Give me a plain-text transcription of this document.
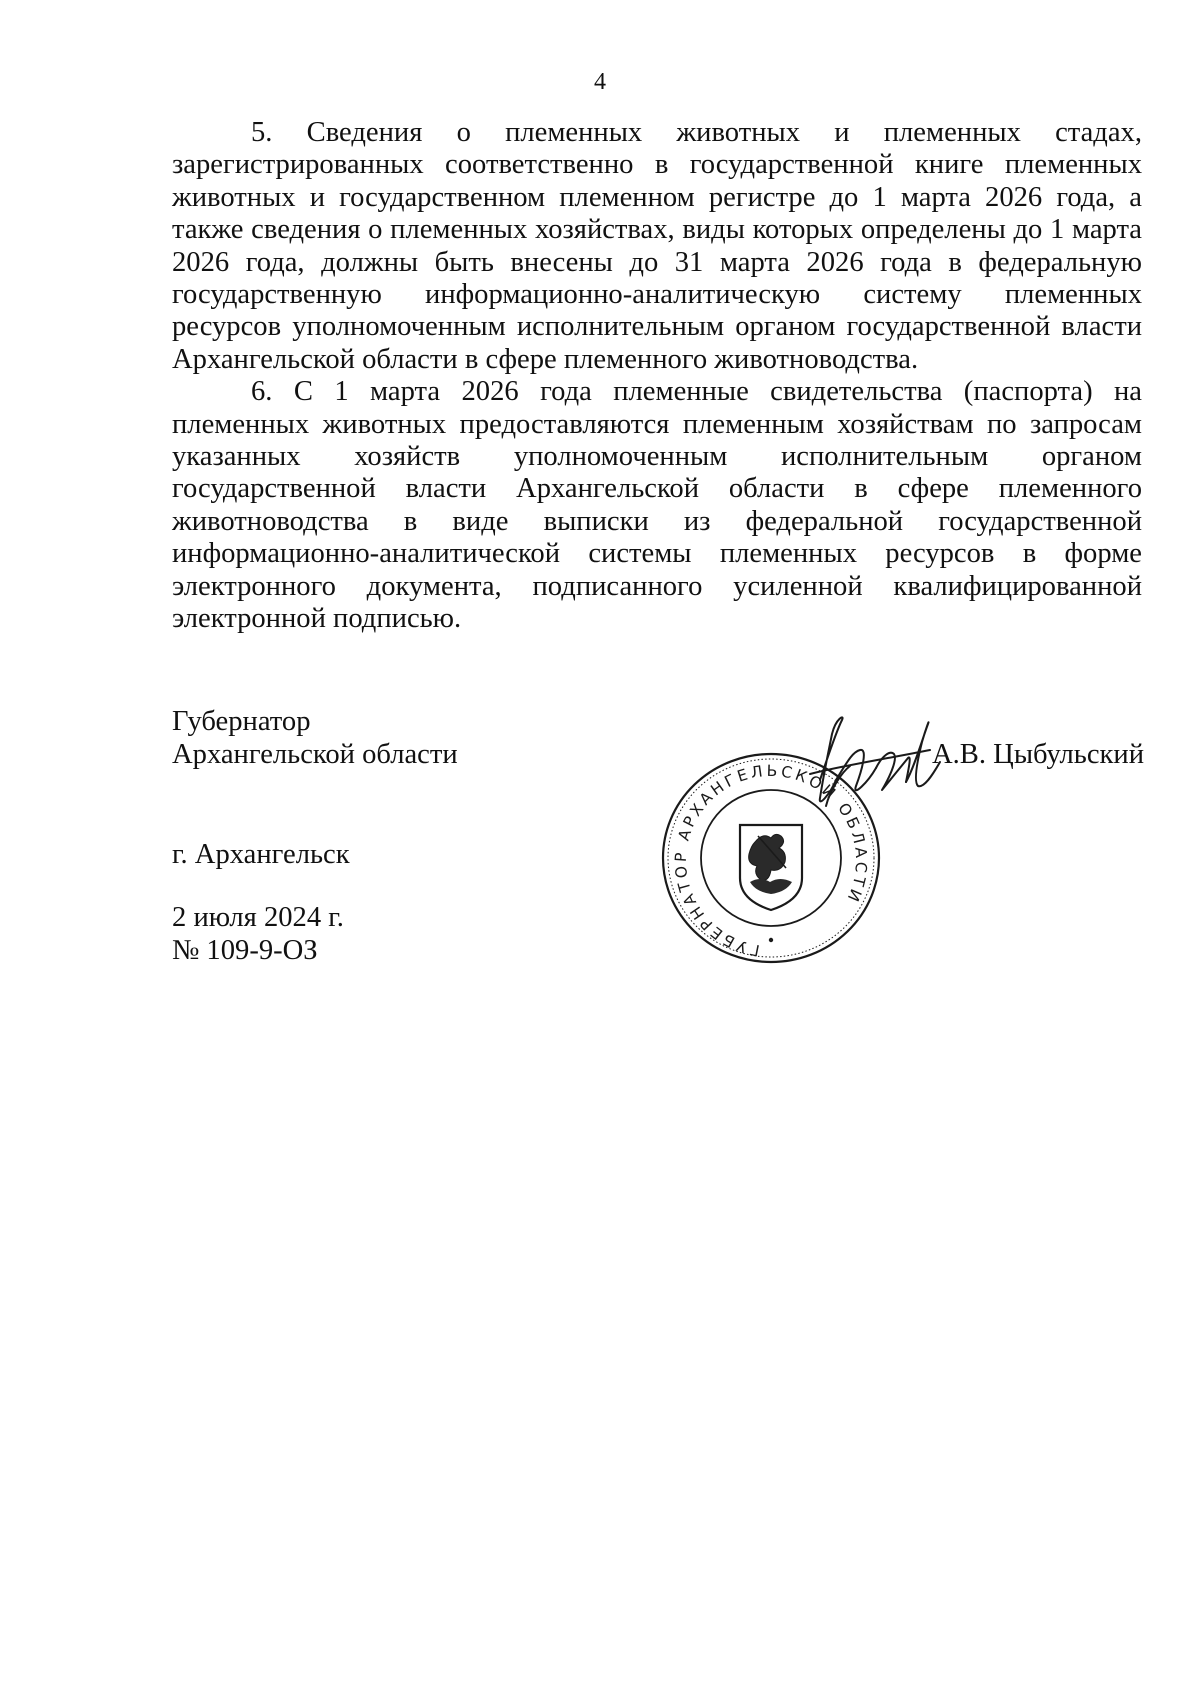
4

5. Сведения о племенных животных и племенных стадах, зарегистрированных соответственно в государственной книге племенных животных и государственном племенном регистре до 1 марта 2026 года, а также сведения о племенных хозяйствах, виды которых определены до 1 марта 2026 года, должны быть внесены до 31 марта 2026 года в федеральную государственную информационно-аналитическую систему племенных ресурсов уполномоченным исполнительным органом государственной власти Архангельской области в сфере племенного животноводства.

6. С 1 марта 2026 года племенные свидетельства (паспорта) на племенных животных предоставляются племенным хозяйствам по запросам указанных хозяйств уполномоченным исполнительным органом государственной власти Архангельской области в сфере племенного животноводства в виде выписки из федеральной государственной информационно-аналитической системы племенных ресурсов в форме электронного документа, подписанного усиленной квалифицированной электронной подписью.

Губернатор
Архангельской области
ГУБЕРНАТОР АРХАНГЕЛЬСКОЙ ОБЛАСТИ
А.В. Цыбульский
г. Архангельск
2 июля 2024 г.
№ 109-9-ОЗ
